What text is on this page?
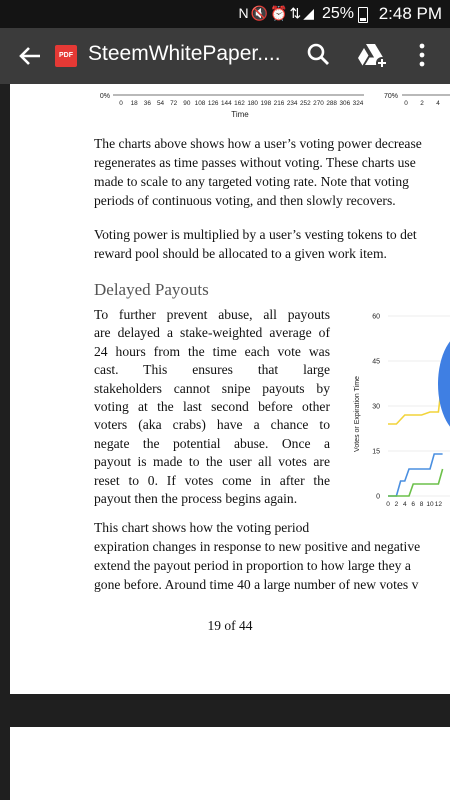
N🔇⏰⇅◢ 25% 2:48 PM
PDF SteemWhitePaper....
0%
0 18 36 54 72 90 108 126 144 162 180 198 216 234 252 270 288 306 324
Time
70%
0 2 4
The charts above shows how a user’s voting power decrease
regenerates as time passes without voting. These charts use
made to scale to any targeted voting rate. Note that voting
periods of continuous voting, and then slowly recovers.
Voting power is multiplied by a user’s vesting tokens to det
reward pool should be allocated to a given work item.
Delayed Payouts
To further prevent abuse, all payouts
are delayed a stake-weighted average of
24 hours from the time each vote was
cast. This ensures that large
stakeholders cannot snipe payouts by
voting at the last second before other
voters (aka crabs) have a chance to
negate the potential abuse. Once a
payout is made to the user all votes are
reset to 0. If votes come in after the
payout then the process begins again.
Votes or Expiration Time
60
45
30
15
0
0 2 4 6 8 10 12
This chart shows how the voting period
expiration changes in response to new positive and negative
extend the payout period in proportion to how large they a
gone before. Around time 40 a large number of new votes v
19 of 44
